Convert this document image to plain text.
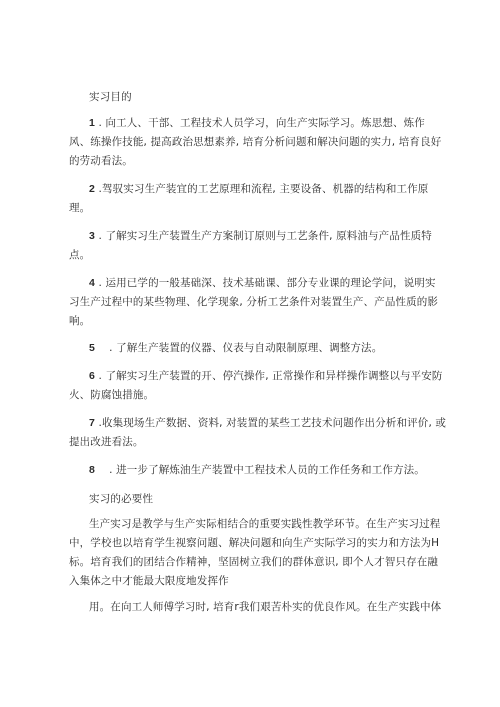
实习目的
1 . 向工人、干部、工程技术人员学习，向生产实际学习。炼思想、炼作
风、练操作技能, 提高政治思想素养, 培育分析问题和解决问题的实力, 培育良好
的劳动看法。
2 .驾驭实习生产装宜的工艺原理和流程, 主要设备、机器的结构和工作原
理。
3 . 了解实习生产装置生产方案制订原则与工艺条件, 原料油与产品性质特
点。
4 . 运用已学的一般基础深、技术基础课、部分专业课的理论学问，说明实
习生产过程中的某些物理、化学现象, 分析工艺条件对装置生产、产品性质的影
响。
5　 . 了解生产装置的仪器、仪表与自动限制原理、调整方法。
6 . 了解实习生产装置的开、停汽操作, 正常操作和异样操作调整以与平安防
火、防腐蚀措施。
7 .收集现场生产数据、资料, 对装置的某些工艺技术问题作出分析和评价, 或
提出改进看法。
8　 . 进一步了解炼油生产装置中工程技术人员的工作任务和工作方法。
实习的必要性
生产实习是教学与生产实际相结合的重要实践性教学环节。在生产实习过程
中，学校也以培育学生视察问题、解决问题和向生产实际学习的实力和方法为H
标。培育我们的团结合作精神，坚固树立我们的群体意识, 即个人才智只存在融
入集体之中才能最大限度地发挥作
用。在向工人师傅学习时, 培育r我们艰苦朴实的优良作风。在生产实践中体
